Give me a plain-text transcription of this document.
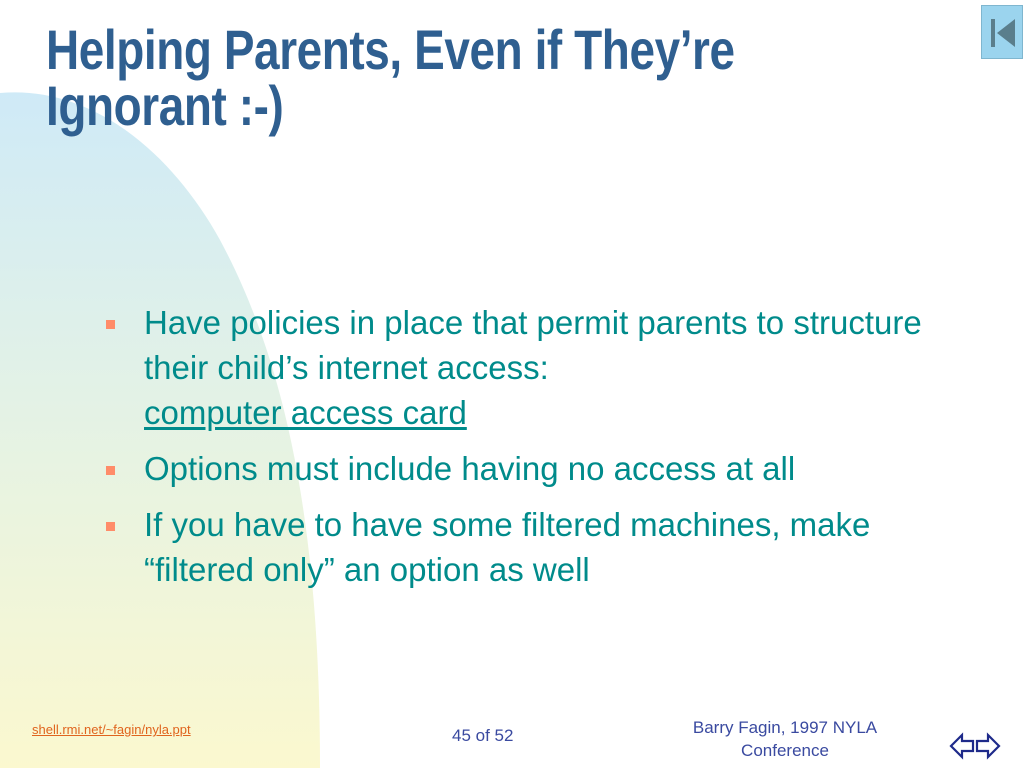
Helping Parents, Even if They’re Ignorant :-)
Have policies in place that permit parents to structure their child’s internet access:
computer access card
Options must include having no access at all
If you have to have some filtered machines, make “filtered only” an option as well
shell.rmi.net/~fagin/nyla.ppt	45 of 52	Barry Fagin, 1997 NYLA
Conference
